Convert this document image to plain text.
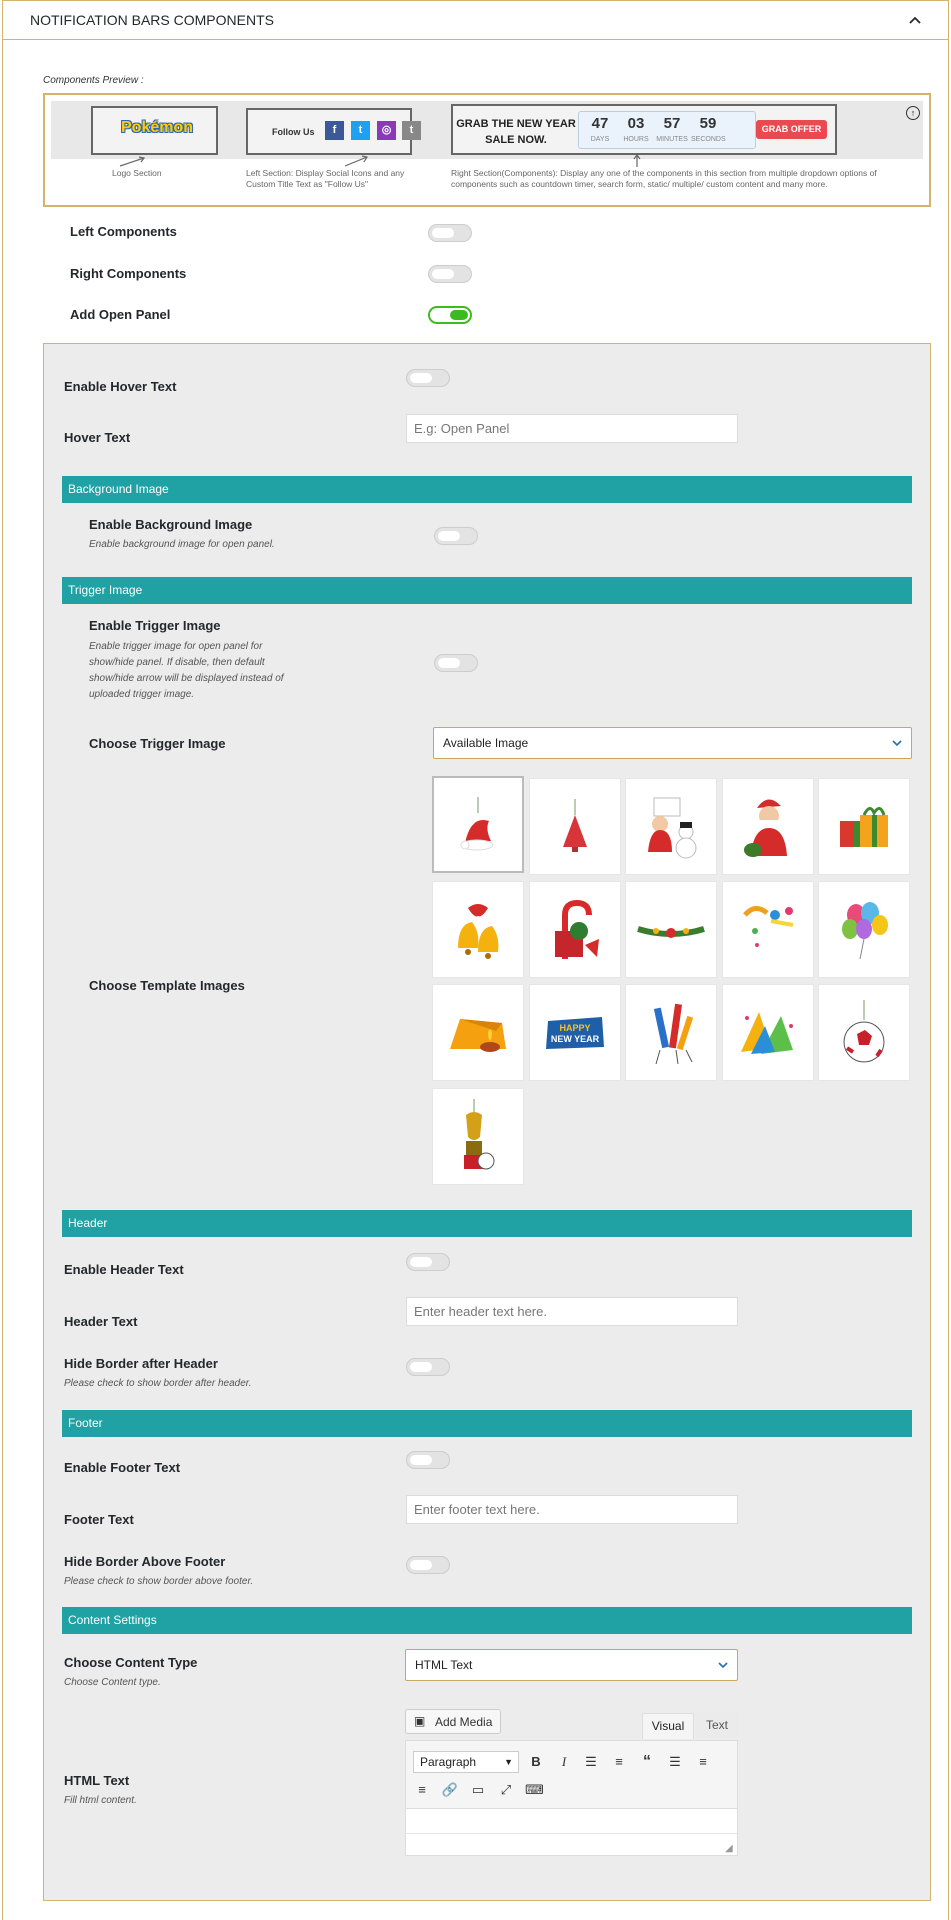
NOTIFICATION BARS COMPONENTS
Components Preview :
Pokémon
Logo Section
Follow Us	f	t	◎	t
Left Section: Display Social Icons and any Custom Title Text as "Follow Us"
GRAB THE NEW YEAR
SALE NOW.
47
DAYS
03
HOURS
57
MINUTES
59
SECONDS
GRAB OFFER
↑
Right Section(Components): Display any one of the components in this section from multiple dropdown options of components such as countdown timer, search form, static/ multiple/ custom content and many more.
Left Components
Right Components
Add Open Panel
Enable Hover Text
Hover Text
E.g: Open Panel
Background Image
Enable Background Image
Enable background image for open panel.
Trigger Image
Enable Trigger Image
Enable trigger image for open panel for
show/hide panel. If disable, then default
show/hide arrow will be displayed instead of
uploaded trigger image.
Choose Trigger Image	Available Image
Choose Template Images
HAPPY
NEW YEAR
Header
Enable Header Text
Header Text
Enter header text here.
Hide Border after Header
Please check to show border after header.
Footer
Enable Footer Text
Footer Text
Enter footer text here.
Hide Border Above Footer
Please check to show border above footer.
Content Settings
Choose Content Type
Choose Content type.
HTML Text
HTML Text
Fill html content.
▣ Add Media	Visual	Text
Paragraph	▼	B	I	☰	≡	“	☰	≡
≡	🔗 ▭ ⤢ ⌨
◢
